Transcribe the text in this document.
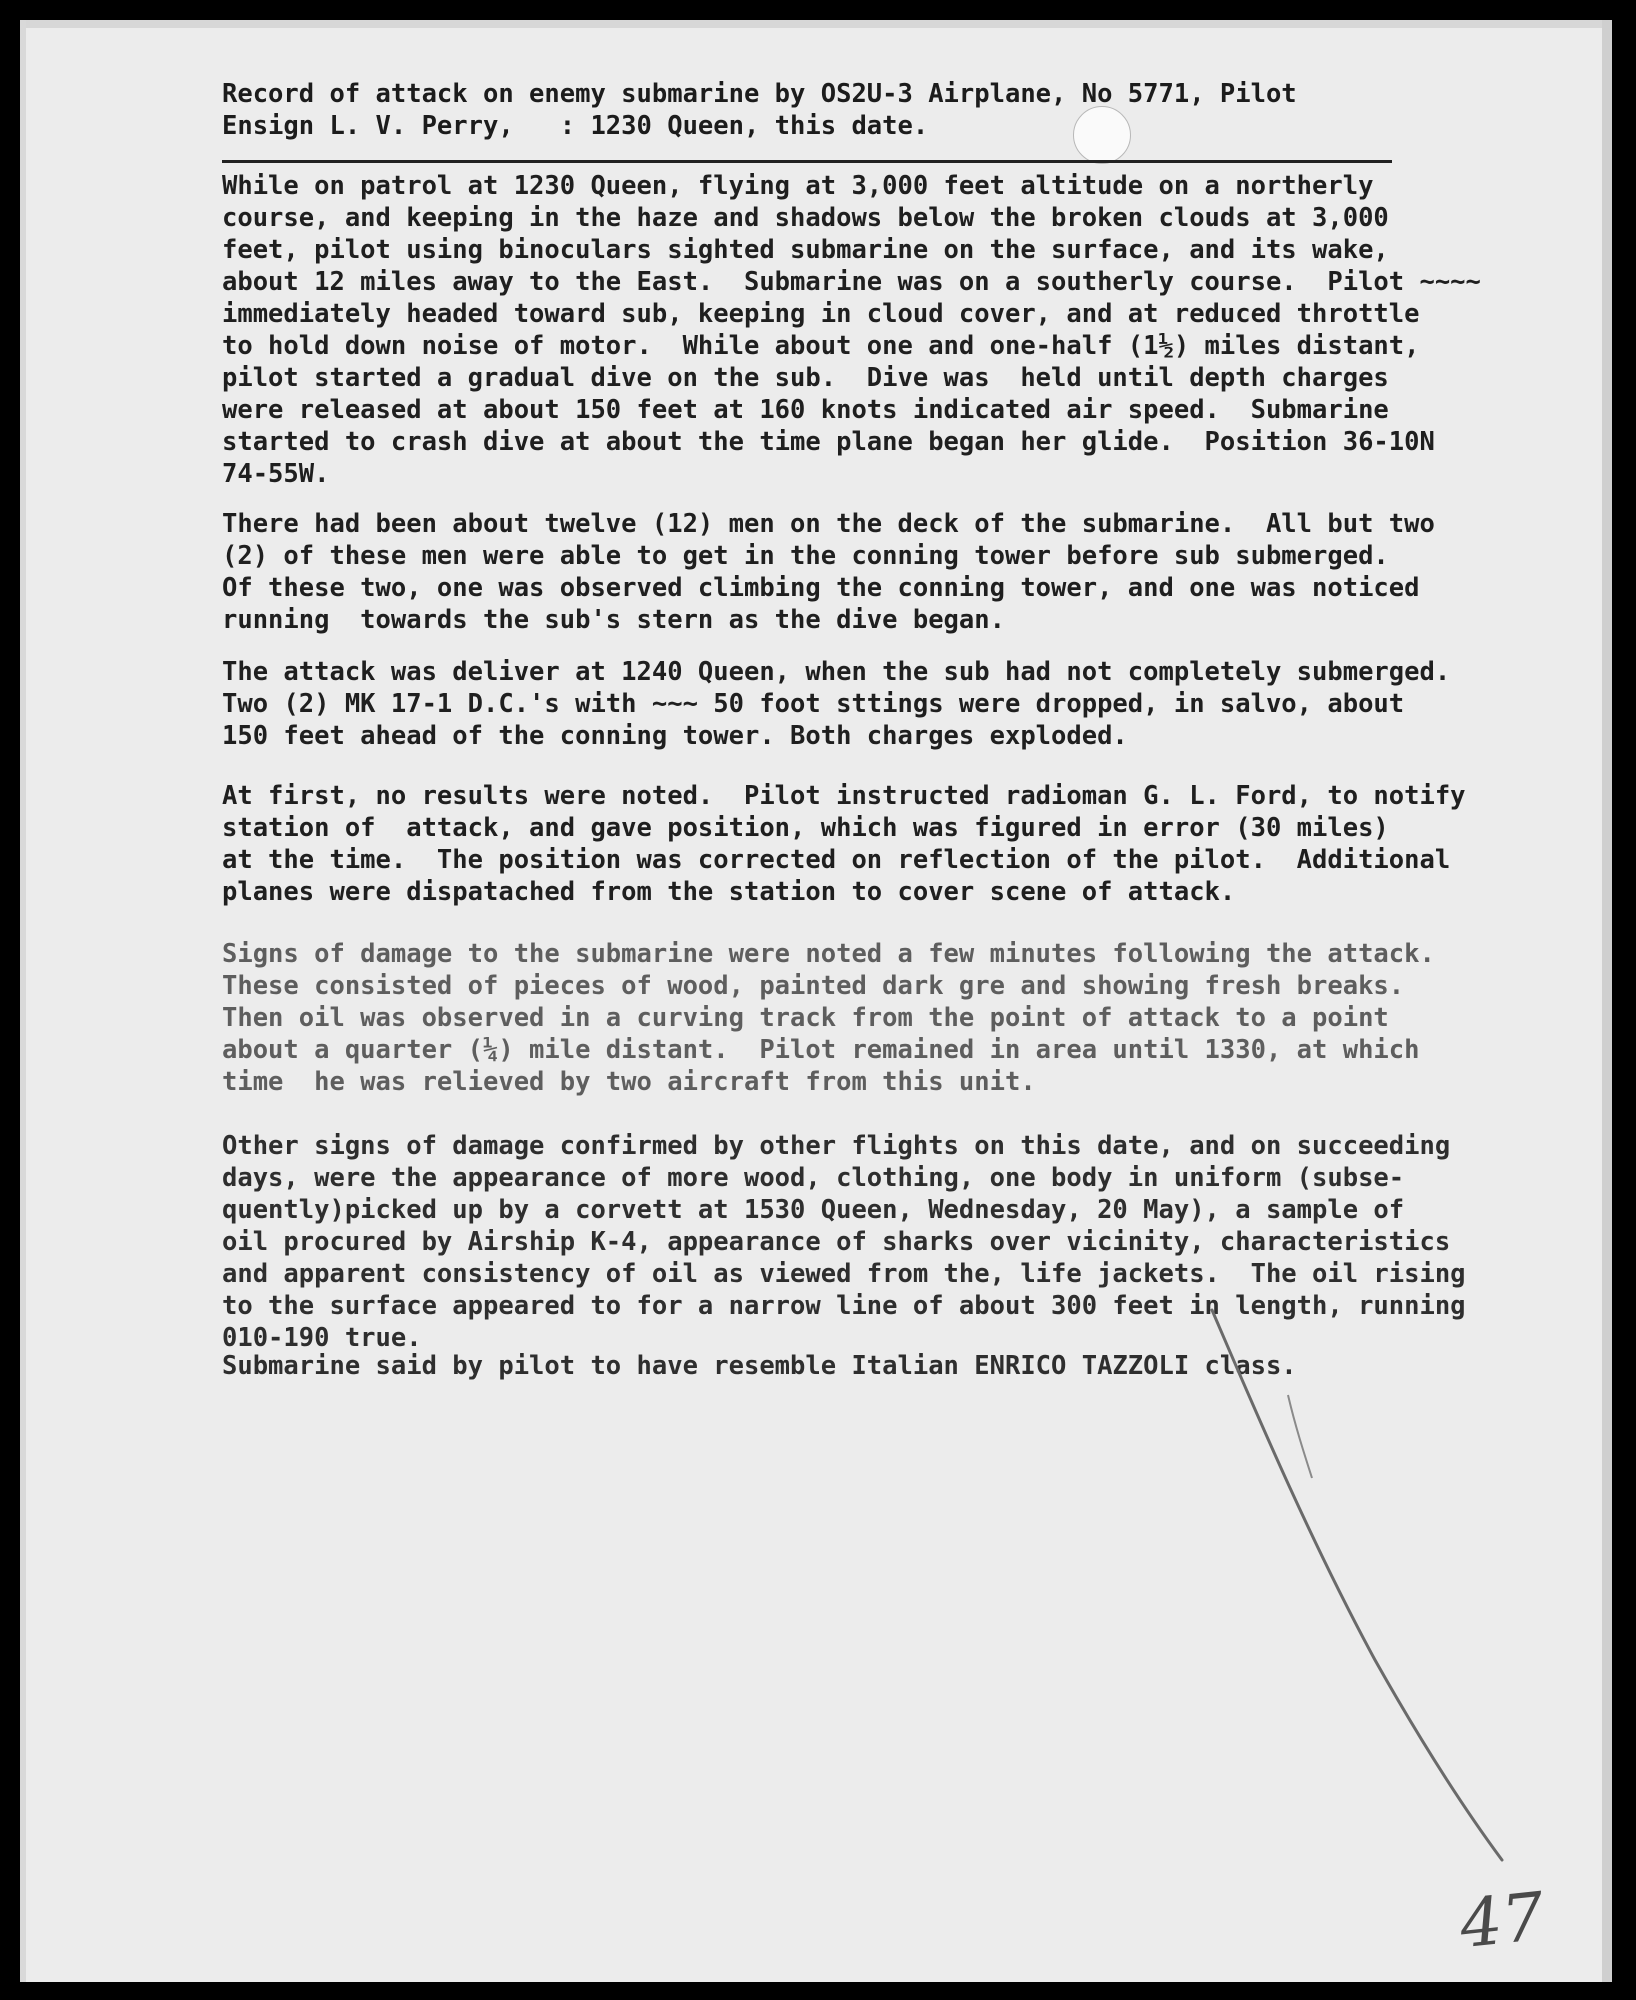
Record of attack on enemy submarine by OS2U-3 Airplane, No 5771, Pilot

Ensign L. V. Perry,   : 1230 Queen, this date.

While on patrol at 1230 Queen, flying at 3,000 feet altitude on a northerly

course, and keeping in the haze and shadows below the broken clouds at 3,000

feet, pilot using binoculars sighted submarine on the surface, and its wake,

about 12 miles away to the East.  Submarine was on a southerly course.  Pilot ~~~~

immediately headed toward sub, keeping in cloud cover, and at reduced throttle

to hold down noise of motor.  While about one and one-half (1½) miles distant,

pilot started a gradual dive on the sub.  Dive was  held until depth charges

were released at about 150 feet at 160 knots indicated air speed.  Submarine

started to crash dive at about the time plane began her glide.  Position 36-10N

74-55W.

There had been about twelve (12) men on the deck of the submarine.  All but two

(2) of these men were able to get in the conning tower before sub submerged.

Of these two, one was observed climbing the conning tower, and one was noticed

running  towards the sub's stern as the dive began.

The attack was deliver at 1240 Queen, when the sub had not completely submerged.

Two (2) MK 17-1 D.C.'s with ~~~ 50 foot sttings were dropped, in salvo, about

150 feet ahead of the conning tower. Both charges exploded.

At first, no results were noted.  Pilot instructed radioman G. L. Ford, to notify

station of  attack, and gave position, which was figured in error (30 miles)

at the time.  The position was corrected on reflection of the pilot.  Additional

planes were dispatached from the station to cover scene of attack.

Signs of damage to the submarine were noted a few minutes following the attack.

These consisted of pieces of wood, painted dark gre and showing fresh breaks.

Then oil was observed in a curving track from the point of attack to a point

about a quarter (¼) mile distant.  Pilot remained in area until 1330, at which

time  he was relieved by two aircraft from this unit.

Other signs of damage confirmed by other flights on this date, and on succeeding

days, were the appearance of more wood, clothing, one body in uniform (subse-

quently)picked up by a corvett at 1530 Queen, Wednesday, 20 May), a sample of

oil procured by Airship K-4, appearance of sharks over vicinity, characteristics

and apparent consistency of oil as viewed from the, life jackets.  The oil rising

to the surface appeared to for a narrow line of about 300 feet in length, running

010-190 true.

Submarine said by pilot to have resemble Italian ENRICO TAZZOLI class.

47
